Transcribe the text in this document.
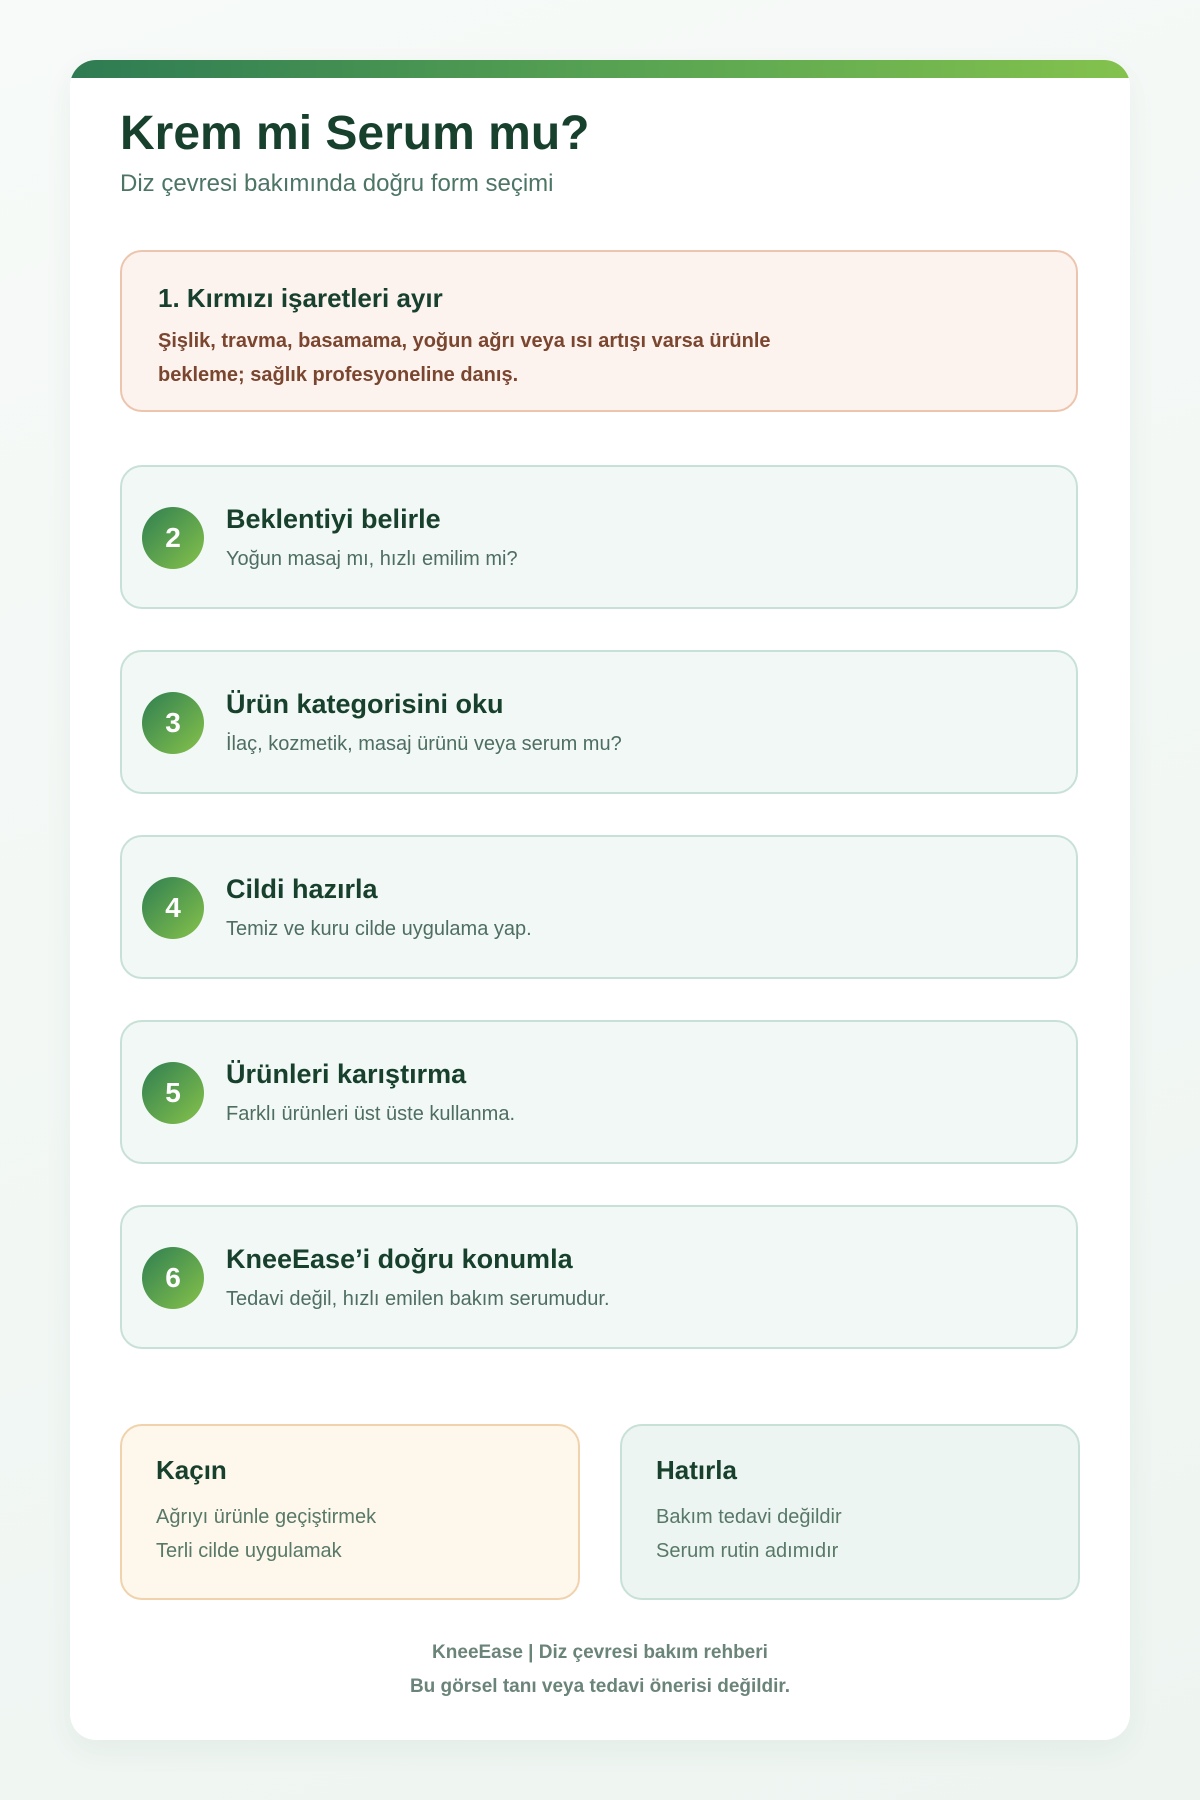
Krem mi Serum mu?

Diz çevresi bakımında doğru form seçimi

1. Kırmızı işaretleri ayır

Şişlik, travma, basamama, yoğun ağrı veya ısı artışı varsa ürünle bekleme; sağlık profesyoneline danış.

2
Beklentiyi belirle

Yoğun masaj mı, hızlı emilim mi?

3
Ürün kategorisini oku

İlaç, kozmetik, masaj ürünü veya serum mu?

4
Cildi hazırla

Temiz ve kuru cilde uygulama yap.

5
Ürünleri karıştırma

Farklı ürünleri üst üste kullanma.

6
KneeEase’i doğru konumla

Tedavi değil, hızlı emilen bakım serumudur.

Kaçın
Ağrıyı ürünle geçiştirmek
Terli cilde uygulamak
Hatırla
Bakım tedavi değildir
Serum rutin adımıdır

KneeEase | Diz çevresi bakım rehberi

Bu görsel tanı veya tedavi önerisi değildir.
